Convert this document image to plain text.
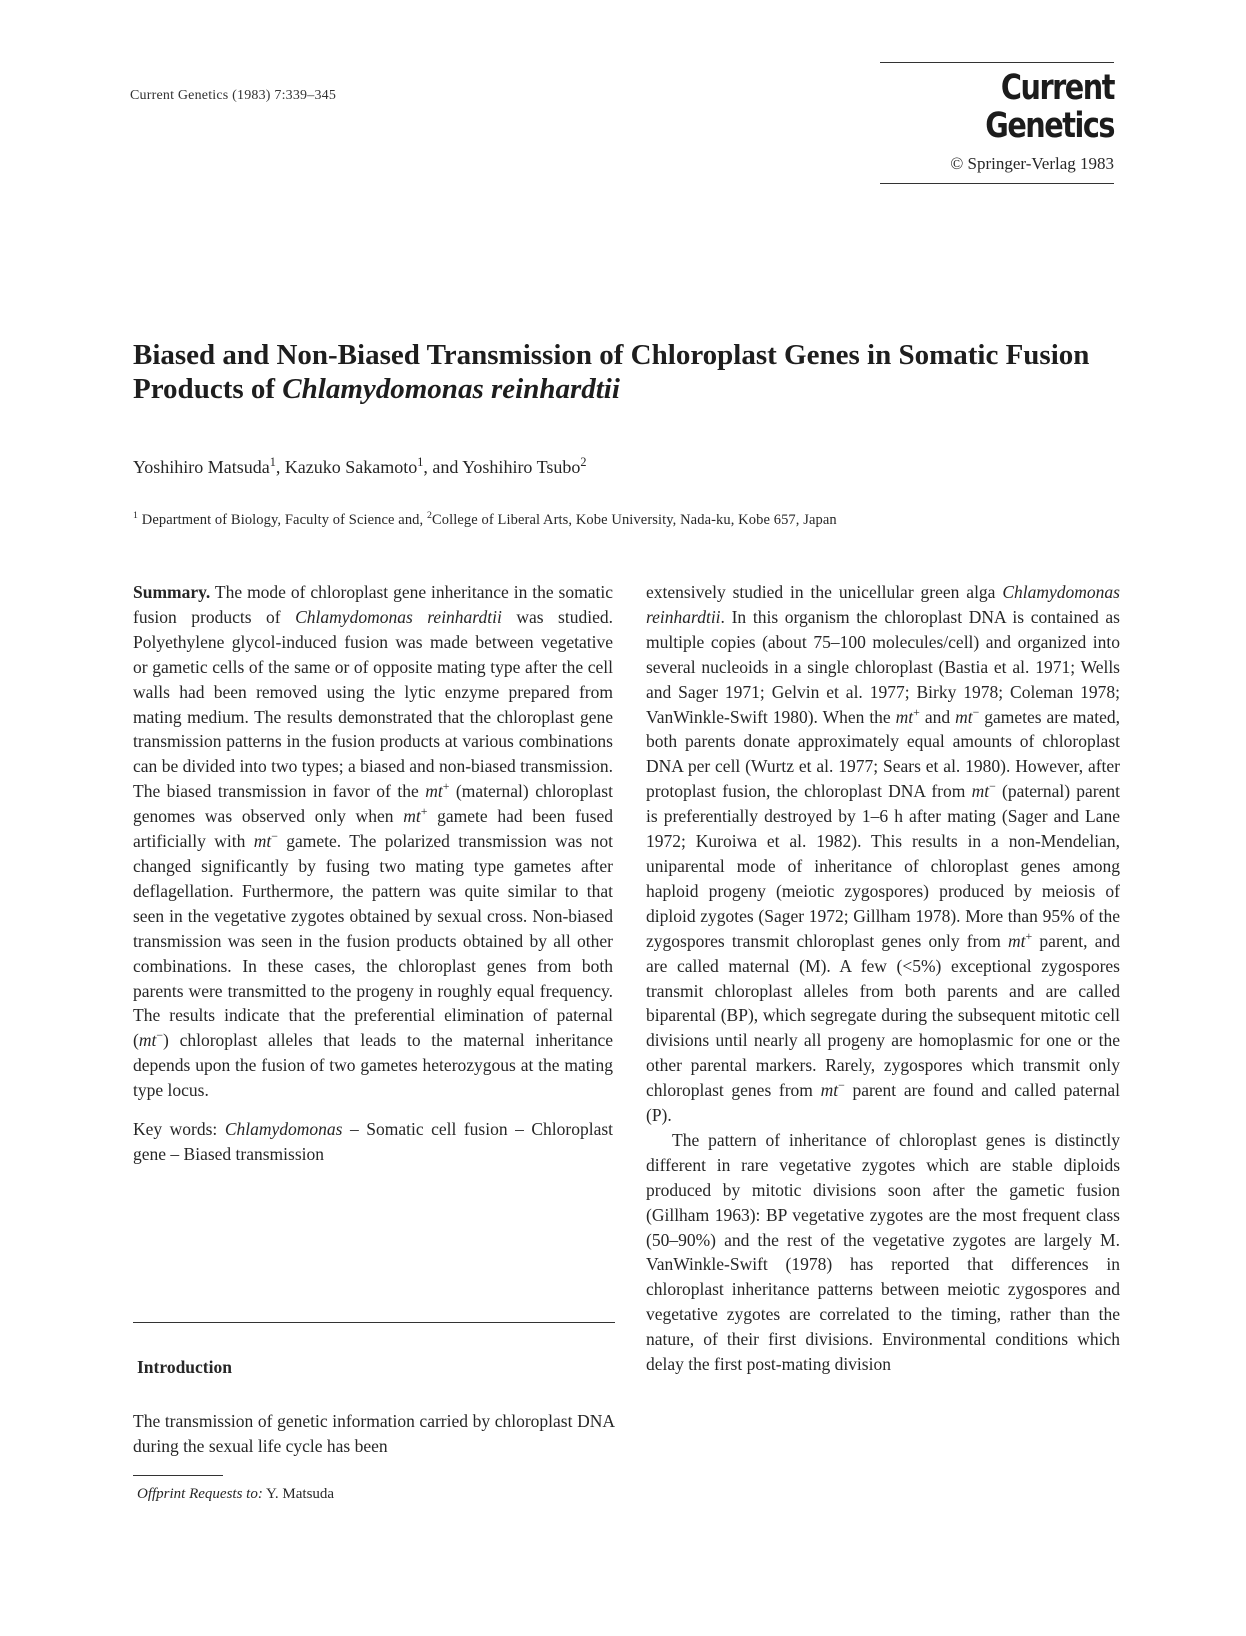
Current Genetics (1983) 7:339–345	Current Genetics
© Springer-Verlag 1983
Biased and Non-Biased Transmission of Chloroplast Genes in Somatic Fusion Products of Chlamydomonas reinhardtii
Yoshihiro Matsuda$^1$, Kazuko Sakamoto$^1$, and Yoshihiro Tsubo$^2$
$^1$ Department of Biology, Faculty of Science and, $^2$College of Liberal Arts, Kobe University, Nada-ku, Kobe 657, Japan

Summary. The mode of chloroplast gene inheritance in the somatic fusion products of Chlamydomonas reinhardtii was studied. Polyethylene glycol-induced fusion was made between vegetative or gametic cells of the same or of opposite mating type after the cell walls had been removed using the lytic enzyme prepared from mating medium. The results demonstrated that the chloroplast gene transmission patterns in the fusion products at various combinations can be divided into two types; a biased and non-biased transmission. The biased transmission in favor of the mt+ (maternal) chloroplast genomes was observed only when mt+ gamete had been fused artificially with mt− gamete. The polarized transmission was not changed significantly by fusing two mating type gametes after deflagellation. Furthermore, the pattern was quite similar to that seen in the vegetative zygotes obtained by sexual cross. Non-biased transmission was seen in the fusion products obtained by all other combinations. In these cases, the chloroplast genes from both parents were transmitted to the progeny in roughly equal frequency. The results indicate that the preferential elimination of paternal (mt−) chloroplast alleles that leads to the maternal inheritance depends upon the fusion of two gametes heterozygous at the mating type locus.

Key words: Chlamydomonas – Somatic cell fusion – Chloroplast gene – Biased transmission

Introduction

The transmission of genetic information carried by chloroplast DNA during the sexual life cycle has been

Offprint Requests to: Y. Matsuda

extensively studied in the unicellular green alga Chlamydomonas reinhardtii. In this organism the chloroplast DNA is contained as multiple copies (about 75–100 molecules/cell) and organized into several nucleoids in a single chloroplast (Bastia et al. 1971; Wells and Sager 1971; Gelvin et al. 1977; Birky 1978; Coleman 1978; VanWinkle-Swift 1980). When the mt+ and mt− gametes are mated, both parents donate approximately equal amounts of chloroplast DNA per cell (Wurtz et al. 1977; Sears et al. 1980). However, after protoplast fusion, the chloroplast DNA from mt− (paternal) parent is preferentially destroyed by 1–6 h after mating (Sager and Lane 1972; Kuroiwa et al. 1982). This results in a non-Mendelian, uniparental mode of inheritance of chloroplast genes among haploid progeny (meiotic zygospores) produced by meiosis of diploid zygotes (Sager 1972; Gillham 1978). More than 95% of the zygospores transmit chloroplast genes only from mt+ parent, and are called maternal (M). A few (<5%) exceptional zygospores transmit chloroplast alleles from both parents and are called biparental (BP), which segregate during the subsequent mitotic cell divisions until nearly all progeny are homoplasmic for one or the other parental markers. Rarely, zygospores which transmit only chloroplast genes from mt− parent are found and called paternal (P).

The pattern of inheritance of chloroplast genes is distinctly different in rare vegetative zygotes which are stable diploids produced by mitotic divisions soon after the gametic fusion (Gillham 1963): BP vegetative zygotes are the most frequent class (50–90%) and the rest of the vegetative zygotes are largely M. VanWinkle-Swift (1978) has reported that differences in chloroplast inheritance patterns between meiotic zygospores and vegetative zygotes are correlated to the timing, rather than the nature, of their first divisions. Environmental conditions which delay the first post-mating division
